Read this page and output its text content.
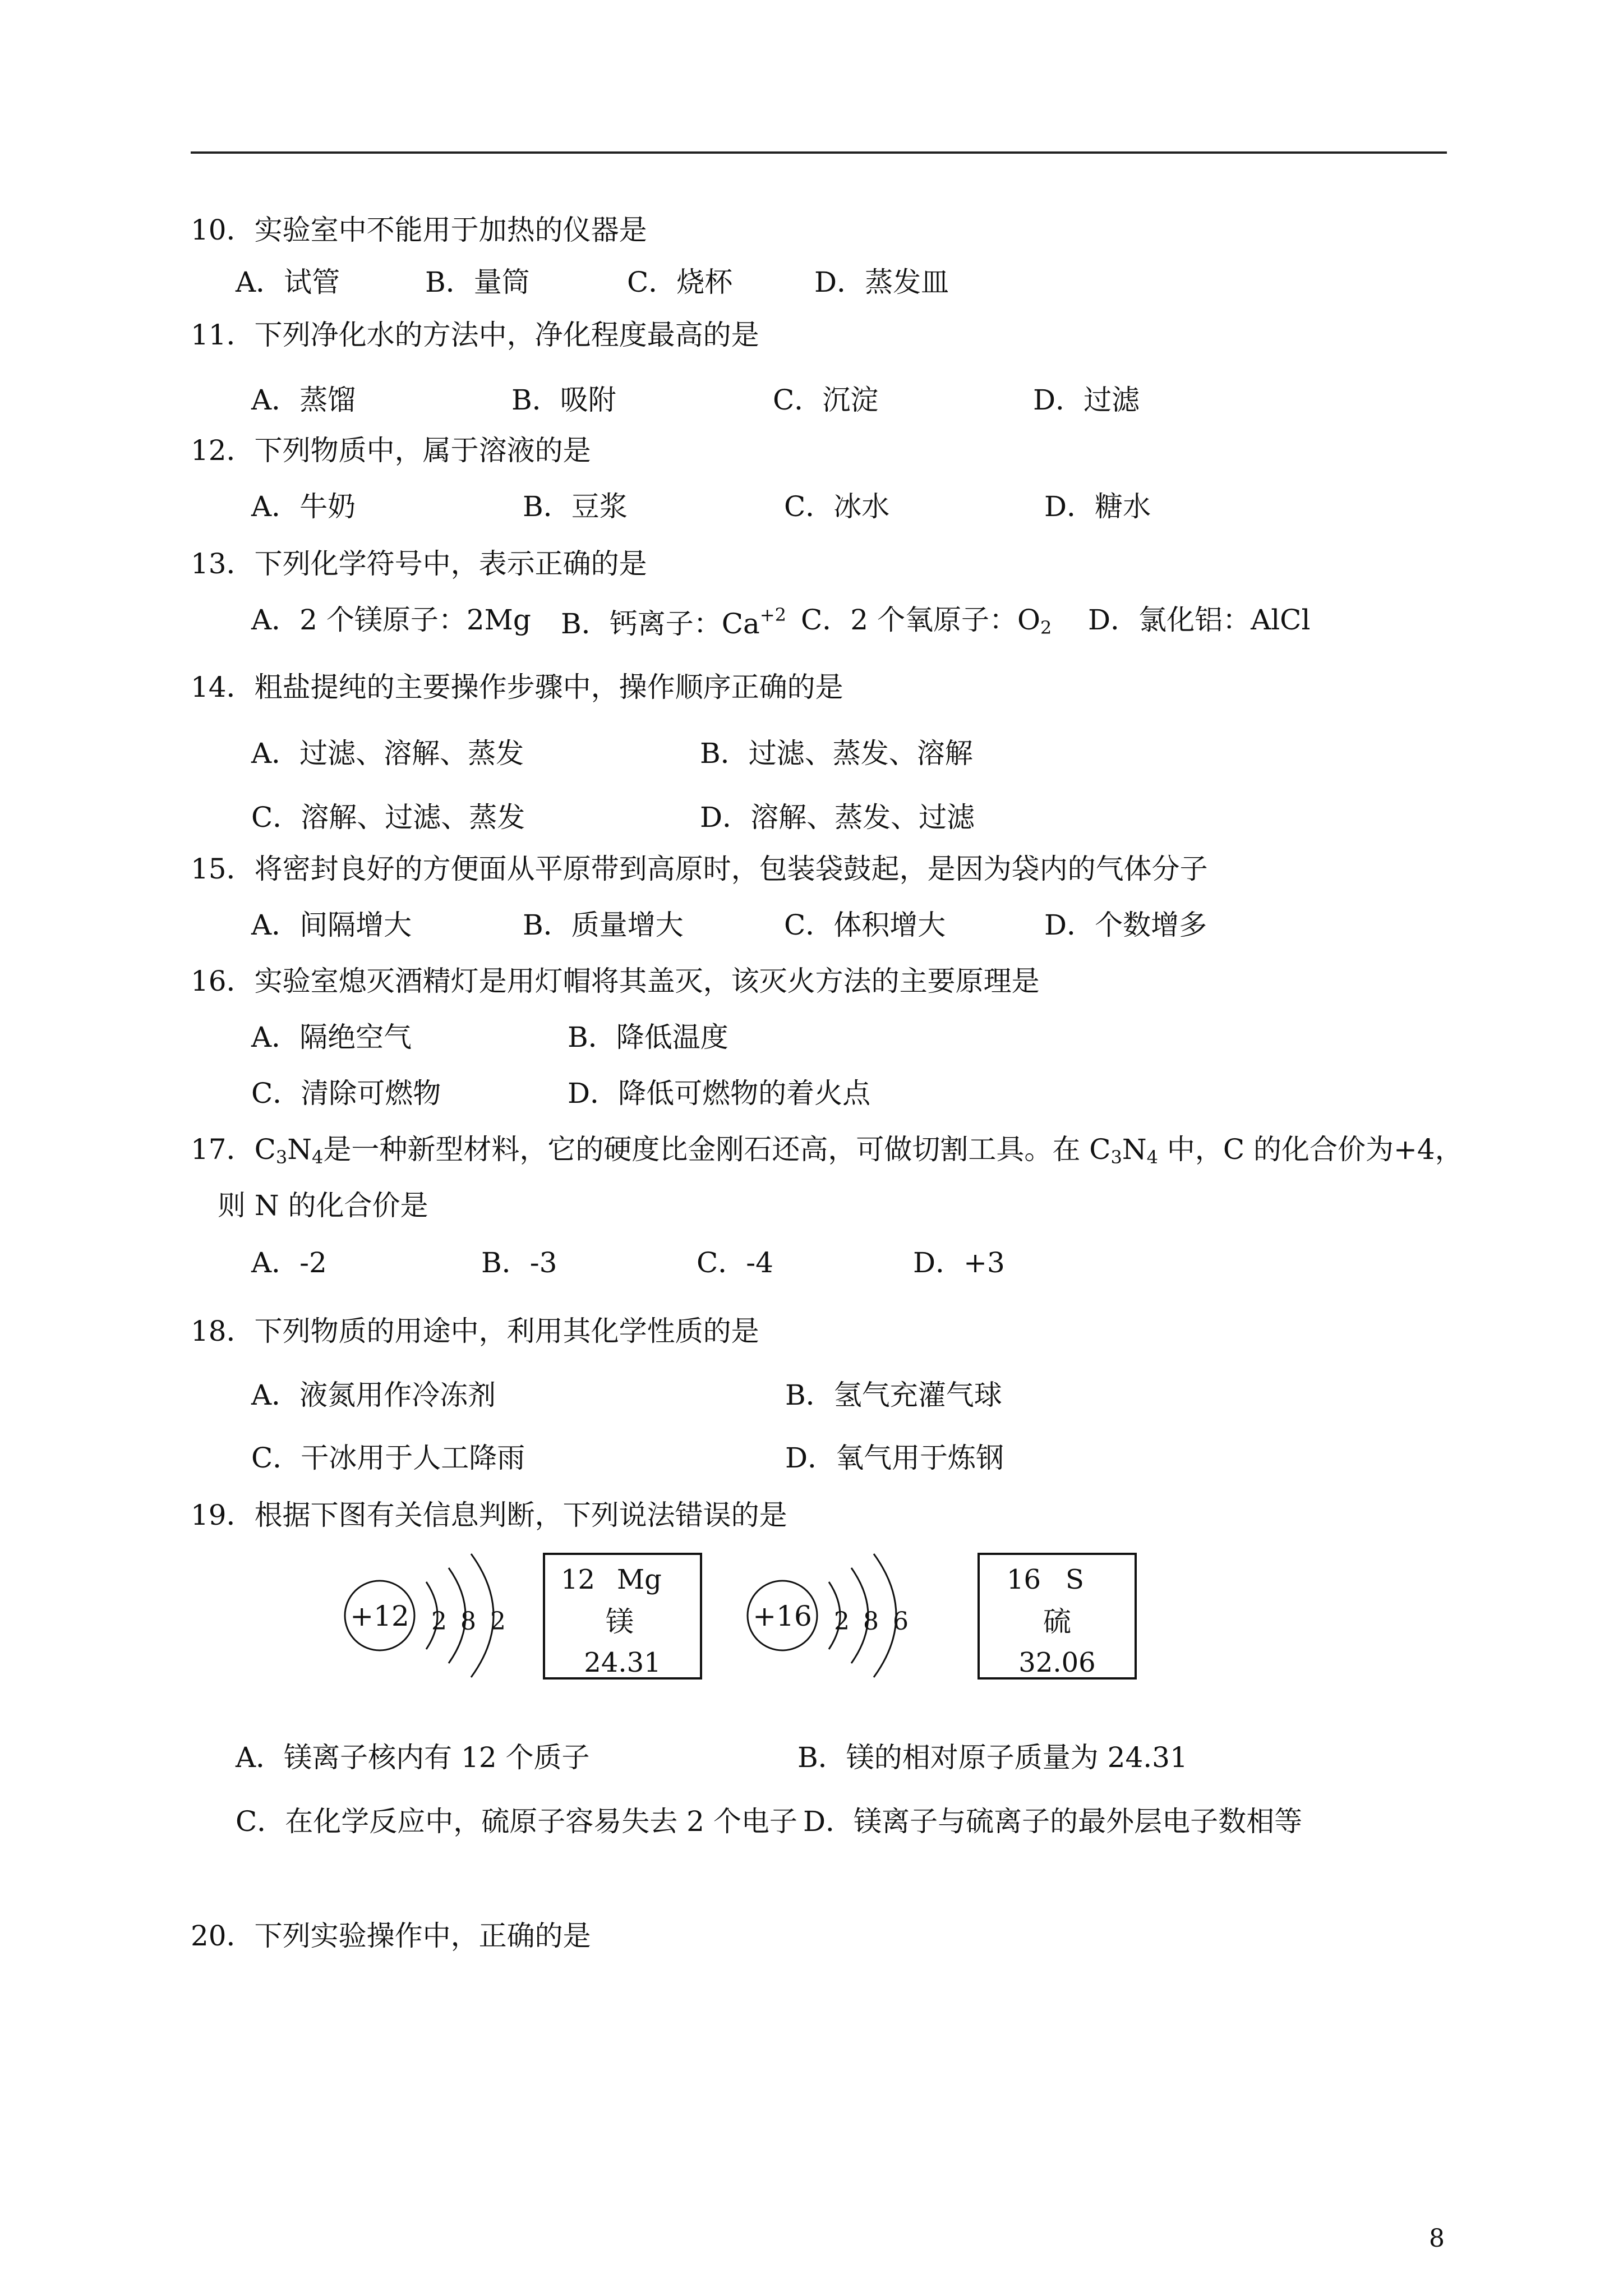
10．实验室中不能用于加热的仪器是
A．试管	B．量筒	C．烧杯	D．蒸发皿
11．下列净化水的方法中，净化程度最高的是
A．蒸馏	B．吸附	C．沉淀	D．过滤
12．下列物质中，属于溶液的是
A．牛奶	B．豆浆	C．冰水	D．糖水
13．下列化学符号中，表示正确的是
A．2 个镁原子：2Mg B．钙离子：$Ca^{+2}$ C．2 个氧原子：$O_2$ D．氯化铝：AlCl
14．粗盐提纯的主要操作步骤中，操作顺序正确的是
A．过滤、溶解、蒸发	B．过滤、蒸发、溶解
C．溶解、过滤、蒸发	D．溶解、蒸发、过滤
15．将密封良好的方便面从平原带到高原时，包装袋鼓起，是因为袋内的气体分子
A．间隔增大	B．质量增大	C．体积增大	D．个数增多
16．实验室熄灭酒精灯是用灯帽将其盖灭，该灭火方法的主要原理是
A．隔绝空气	B．降低温度
C．清除可燃物	D．降低可燃物的着火点
17．$C_3N_4$是一种新型材料，它的硬度比金刚石还高，可做切割工具。在 $C_3N_4$ 中，C 的化合价为+4，
则 N 的化合价是
A．-2	B．-3	C．-4	D．+3
18．下列物质的用途中，利用其化学性质的是
A．液氮用作冷冻剂	B．氢气充灌气球
C．干冰用于人工降雨	D．氧气用于炼钢
19．根据下图有关信息判断，下列说法错误的是
+12 2 8 2
12 Mg
镁
24.31
+16 2 8 6
16 S
硫
32.06
A．镁离子核内有 12 个质子	B．镁的相对原子质量为 24.31
C．在化学反应中，硫原子容易失去 2 个电子 D．镁离子与硫离子的最外层电子数相等
20．下列实验操作中，正确的是
8
